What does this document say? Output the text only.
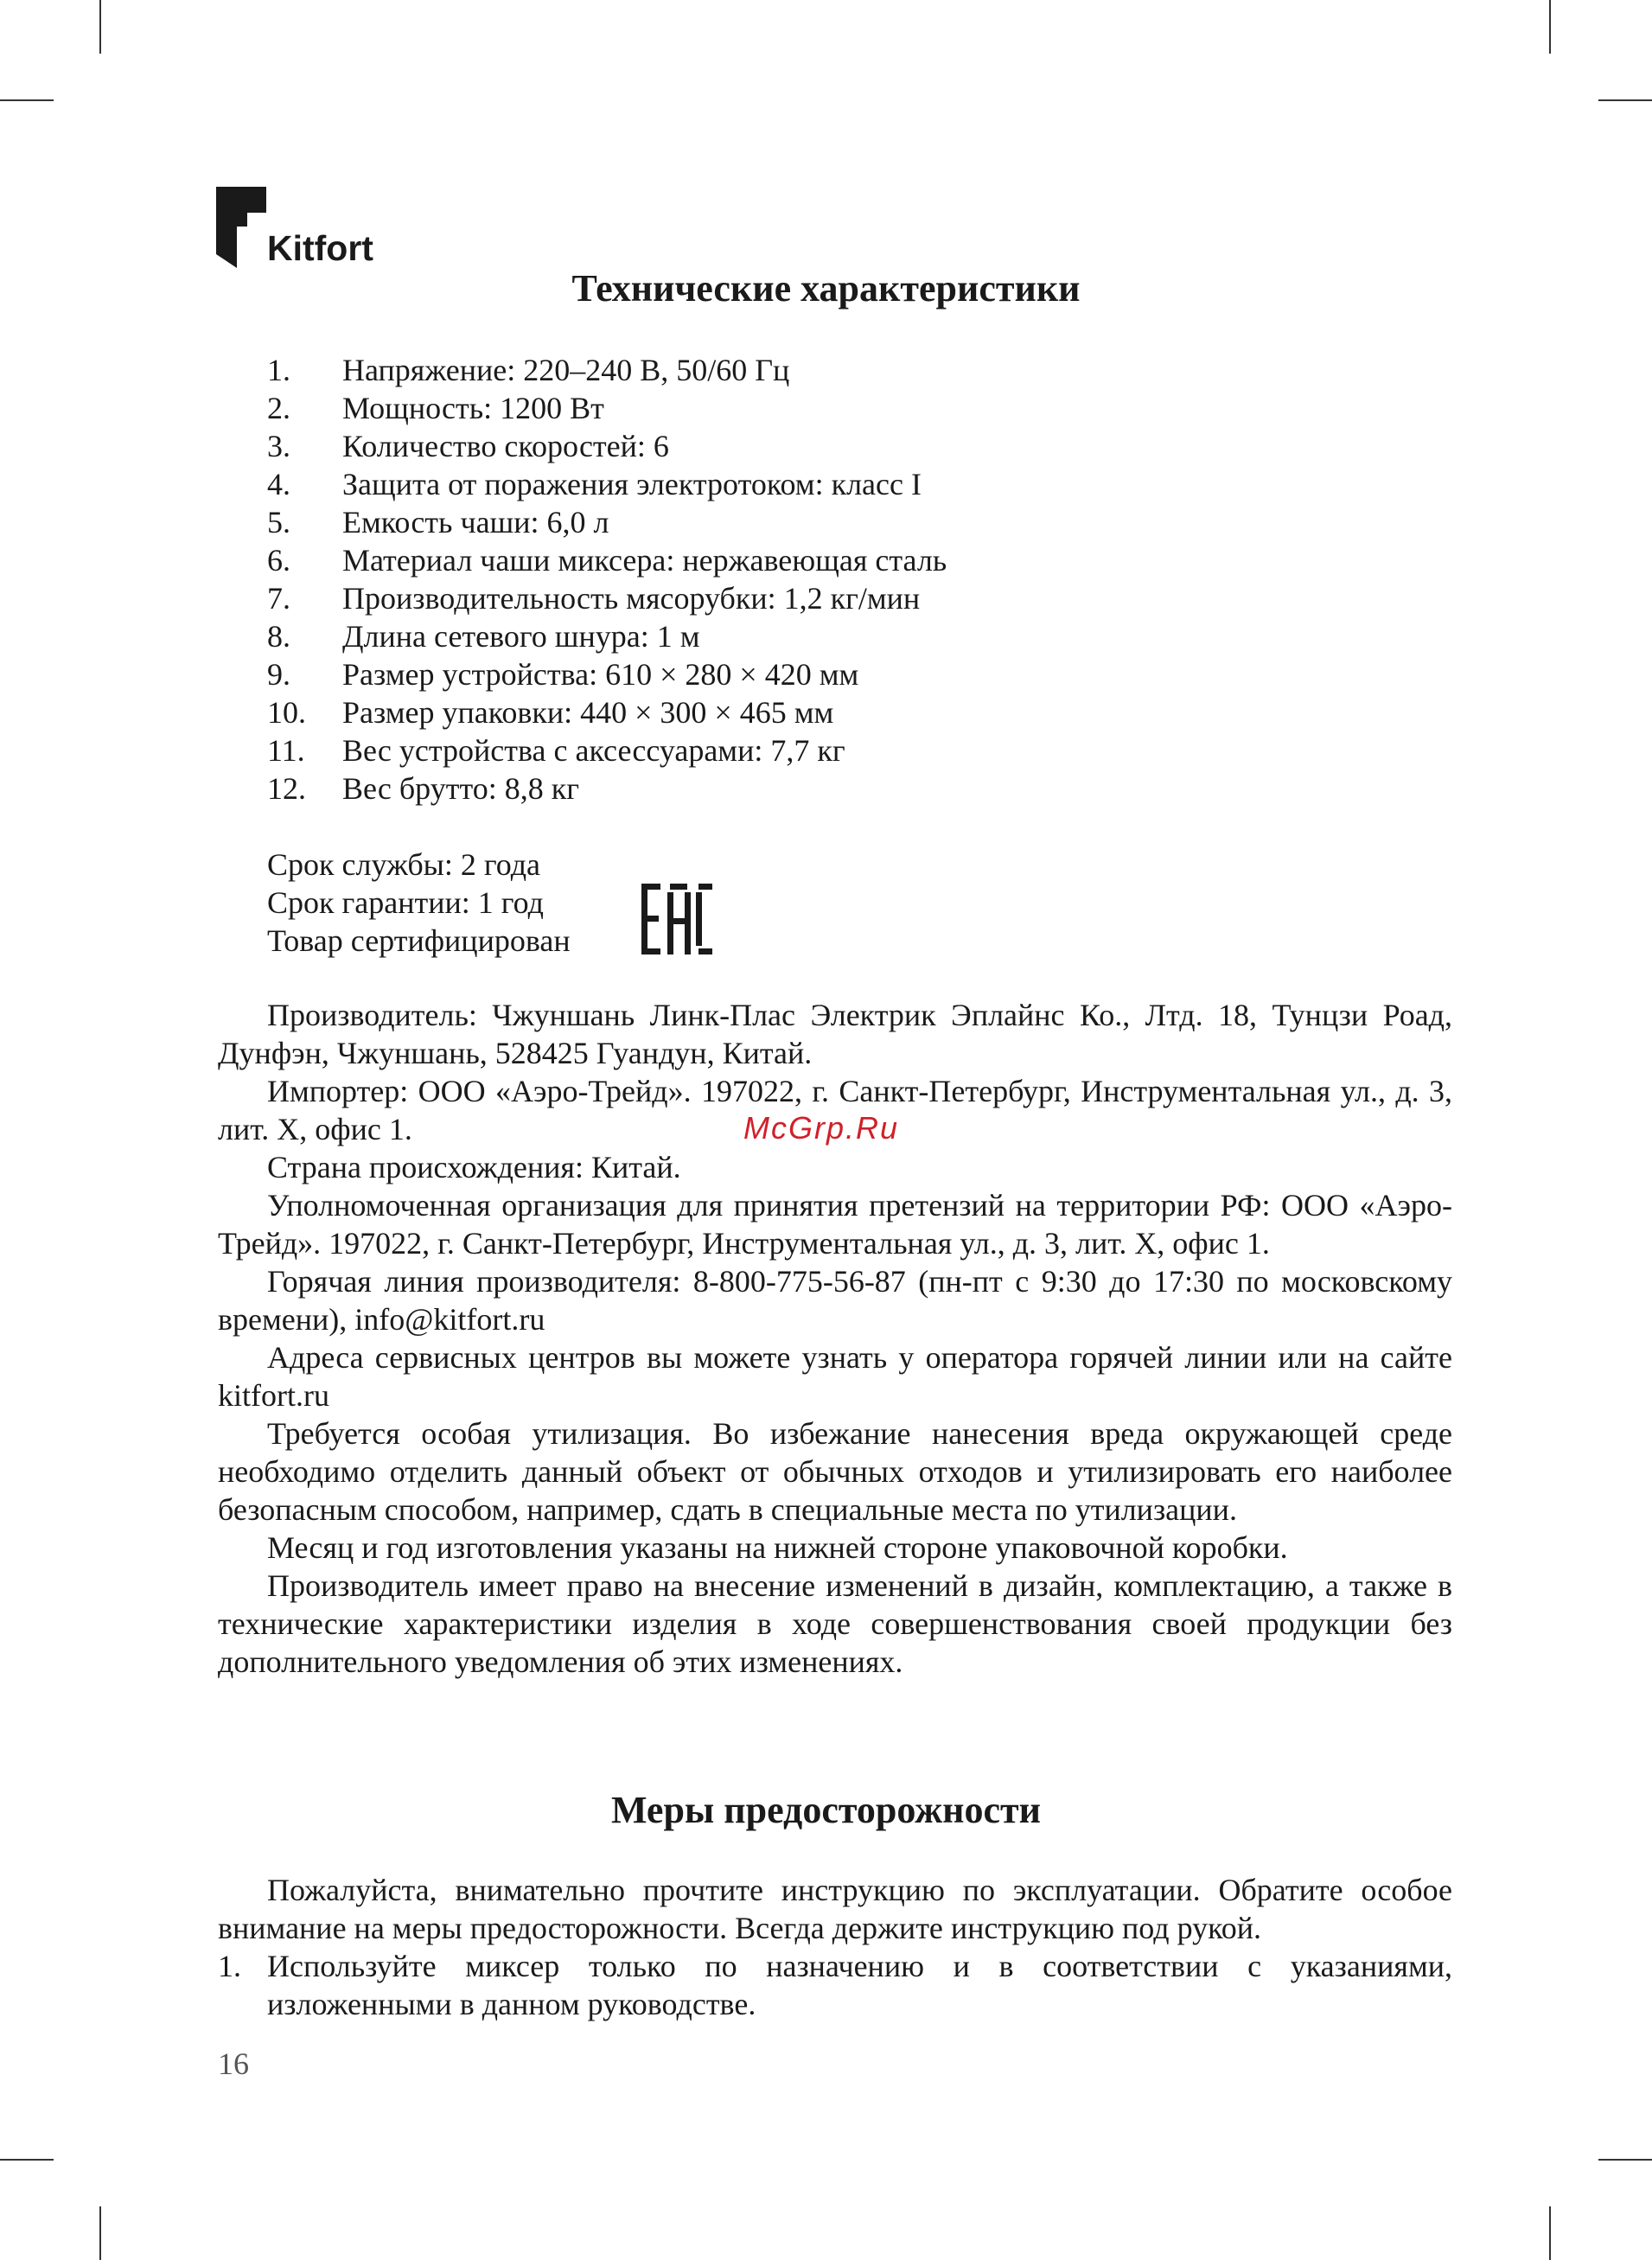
Kitfort
Технические характеристики
1. Напряжение: 220–240 В, 50/60 Гц
2. Мощность: 1200 Вт
3. Количество скоростей: 6
4. Защита от поражения электротоком: класс I
5. Емкость чаши: 6,0 л
6. Материал чаши миксера: нержавеющая сталь
7. Производительность мясорубки: 1,2 кг/мин
8. Длина сетевого шнура: 1 м
9. Размер устройства: 610 × 280 × 420 мм
10. Размер упаковки: 440 × 300 × 465 мм
11. Вес устройства с аксессуарами: 7,7 кг
12. Вес брутто: 8,8 кг
Срок службы: 2 года
Срок гарантии: 1 год
Товар сертифицирован

Производитель: Чжуншань Линк-Плас Электрик Эплайнс Ко., Лтд. 18, Тунцзи Роад, Дунфэн, Чжуншань, 528425 Гуандун, Китай.

Импортер: ООО «Аэро-Трейд». 197022, г. Санкт-Петербург, Инструментальная ул., д. 3, лит. Х, офис 1.

Страна происхождения: Китай.

Уполномоченная организация для принятия претензий на территории РФ: ООО «Аэро-Трейд». 197022, г. Санкт-Петербург, Инструментальная ул., д. 3, лит. Х, офис 1.

Горячая линия производителя: 8-800-775-56-87 (пн-пт с 9:30 до 17:30 по московскому времени), info@kitfort.ru

Адреса сервисных центров вы можете узнать у оператора горячей линии или на сайте kitfort.ru

Требуется особая утилизация. Во избежание нанесения вреда окружающей среде необходимо отделить данный объект от обычных отходов и утилизировать его наиболее безопасным способом, например, сдать в специальные места по утилизации.

Месяц и год изготовления указаны на нижней стороне упаковочной коробки.

Производитель имеет право на внесение изменений в дизайн, комплектацию, а также в технические характеристики изделия в ходе совершенствования своей продукции без дополнительного уведомления об этих изменениях.

McGrp.Ru
Меры предосторожности

Пожалуйста, внимательно прочтите инструкцию по эксплуатации. Обратите особое внимание на меры предосторожности. Всегда держите инструкцию под рукой.

1. Используйте миксер только по назначению и в соответствии с указаниями, изложенными в данном руководстве.
16
